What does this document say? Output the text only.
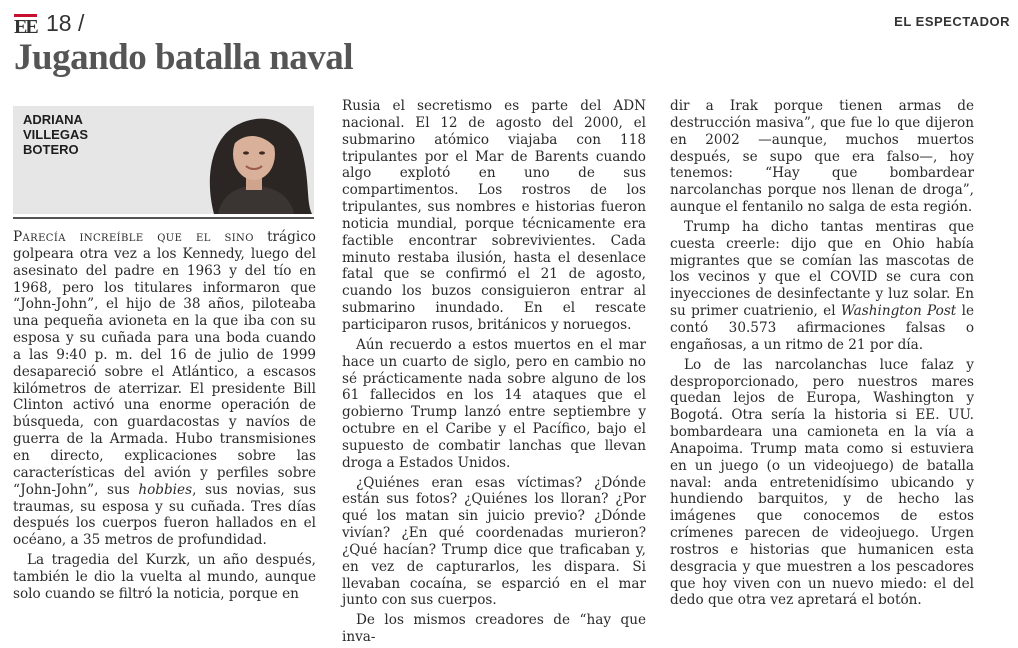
EE 18 /	EL ESPECTADOR
Jugando batalla naval
ADRIANA VILLEGAS BOTERO

Parecía increíble que el sino trágico golpeara otra vez a los Kennedy, luego del asesinato del padre en 1963 y del tío en 1968, pero los titulares informaron que “John-John”, el hijo de 38 años, piloteaba una pequeña avioneta en la que iba con su esposa y su cuñada para una boda cuando a las 9:40 p. m. del 16 de julio de 1999 desapareció sobre el Atlántico, a escasos kilómetros de aterrizar. El presidente Bill Clinton activó una enorme operación de búsqueda, con guardacostas y navíos de guerra de la Armada. Hubo transmisiones en directo, explicaciones sobre las características del avión y perfiles sobre “John-John”, sus hobbies, sus novias, sus traumas, su esposa y su cuñada. Tres días después los cuerpos fueron hallados en el océano, a 35 metros de profundidad.

La tragedia del Kurzk, un año después, también le dio la vuelta al mundo, aunque solo cuando se filtró la noticia, porque en

Rusia el secretismo es parte del ADN nacional. El 12 de agosto del 2000, el submarino atómico viajaba con 118 tripulantes por el Mar de Barents cuando algo explotó en uno de sus compartimentos. Los rostros de los tripulantes, sus nombres e historias fueron noticia mundial, porque técnicamente era factible encontrar sobrevivientes. Cada minuto restaba ilusión, hasta el desenlace fatal que se confirmó el 21 de agosto, cuando los buzos consiguieron entrar al submarino inundado. En el rescate participaron rusos, británicos y noruegos.

Aún recuerdo a estos muertos en el mar hace un cuarto de siglo, pero en cambio no sé prácticamente nada sobre alguno de los 61 fallecidos en los 14 ataques que el gobierno Trump lanzó entre septiembre y octubre en el Caribe y el Pacífico, bajo el supuesto de combatir lanchas que llevan droga a Estados Unidos.

¿Quiénes eran esas víctimas? ¿Dónde están sus fotos? ¿Quiénes los lloran? ¿Por qué los matan sin juicio previo? ¿Dónde vivían? ¿En qué coordenadas murieron? ¿Qué hacían? Trump dice que traficaban y, en vez de capturarlos, les dispara. Si llevaban cocaína, se esparció en el mar junto con sus cuerpos.

De los mismos creadores de “hay que inva-

dir a Irak porque tienen armas de destrucción masiva”, que fue lo que dijeron en 2002 —aunque, muchos muertos después, se supo que era falso—, hoy tenemos: “Hay que bombardear narcolanchas porque nos llenan de droga”, aunque el fentanilo no salga de esta región.

Trump ha dicho tantas mentiras que cuesta creerle: dijo que en Ohio había migrantes que se comían las mascotas de los vecinos y que el COVID se cura con inyecciones de desinfectante y luz solar. En su primer cuatrienio, el Washington Post le contó 30.573 afirmaciones falsas o engañosas, a un ritmo de 21 por día.

Lo de las narcolanchas luce falaz y desproporcionado, pero nuestros mares quedan lejos de Europa, Washington y Bogotá. Otra sería la historia si EE. UU. bombardeara una camioneta en la vía a Anapoima. Trump mata como si estuviera en un juego (o un videojuego) de batalla naval: anda entretenidísimo ubicando y hundiendo barquitos, y de hecho las imágenes que conocemos de estos crímenes parecen de videojuego. Urgen rostros e historias que humanicen esta desgracia y que muestren a los pescadores que hoy viven con un nuevo miedo: el del dedo que otra vez apretará el botón.
